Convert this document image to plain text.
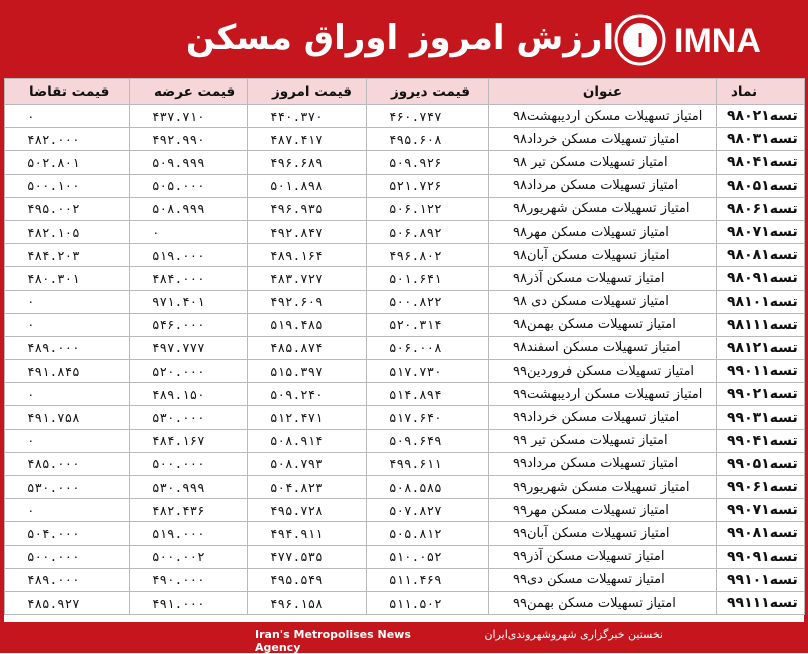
ارزش امروز اوراق مسکن I IMNA
نماد	عنوان	قیمت دیروز	قیمت امروز	قیمت عرضه	قیمت تقاضا
تسه۹۸۰۲۱	امتیاز تسهیلات مسکن اردیبهشت۹۸	۴۶۰.۷۴۷	۴۴۰.۳۷۰	۴۳۷.۷۱۰	۰
تسه۹۸۰۳۱	امتیاز تسهیلات مسکن خرداد۹۸	۴۹۵.۶۰۸	۴۸۷.۴۱۷	۴۹۲.۹۹۰	۴۸۲.۰۰۰
تسه۹۸۰۴۱	امتیاز تسهیلات مسکن تیر ۹۸	۵۰۹.۹۲۶	۴۹۶.۶۸۹	۵۰۹.۹۹۹	۵۰۲.۸۰۱
تسه۹۸۰۵۱	امتیاز تسهیلات مسکن مرداد۹۸	۵۲۱.۷۲۶	۵۰۱.۸۹۸	۵۰۵.۰۰۰	۵۰۰.۱۰۰
تسه۹۸۰۶۱	امتیاز تسهیلات مسکن شهریور۹۸	۵۰۶.۱۲۲	۴۹۶.۹۳۵	۵۰۸.۹۹۹	۴۹۵.۰۰۲
تسه۹۸۰۷۱	امتیاز تسهیلات مسکن مهر۹۸	۵۰۶.۸۹۲	۴۹۲.۸۴۷	۰	۴۸۲.۱۰۵
تسه۹۸۰۸۱	امتیاز تسهیلات مسکن آبان۹۸	۴۹۶.۸۰۲	۴۸۹.۱۶۴	۵۱۹.۰۰۰	۴۸۴.۲۰۳
تسه۹۸۰۹۱	امتیاز تسهیلات مسکن آذر۹۸	۵۰۱.۶۴۱	۴۸۳.۷۲۷	۴۸۴.۰۰۰	۴۸۰.۳۰۱
تسه۹۸۱۰۱	امتیاز تسهیلات مسکن دی ۹۸	۵۰۰.۸۲۲	۴۹۲.۶۰۹	۹۷۱.۴۰۱	۰
تسه۹۸۱۱۱	امتیاز تسهیلات مسکن بهمن۹۸	۵۲۰.۳۱۴	۵۱۹.۴۸۵	۵۴۶.۰۰۰	۰
تسه۹۸۱۲۱	امتیاز تسهیلات مسکن اسفند۹۸	۵۰۶.۰۰۸	۴۸۵.۸۷۴	۴۹۷.۷۷۷	۴۸۹.۰۰۰
تسه۹۹۰۱۱	امتیاز تسهیلات مسکن فروردین۹۹	۵۱۷.۷۳۰	۵۱۵.۳۹۷	۵۲۰.۰۰۰	۴۹۱.۸۴۵
تسه۹۹۰۲۱	امتیاز تسهیلات مسکن اردیبهشت۹۹	۵۱۴.۸۹۴	۵۰۹.۲۴۰	۴۸۹.۱۵۰	۰
تسه۹۹۰۳۱	امتیاز تسهیلات مسکن خرداد۹۹	۵۱۷.۶۴۰	۵۱۲.۴۷۱	۵۳۰.۰۰۰	۴۹۱.۷۵۸
تسه۹۹۰۴۱	امتیاز تسهیلات مسکن تیر ۹۹	۵۰۹.۶۴۹	۵۰۸.۹۱۴	۴۸۴.۱۶۷	۰
تسه۹۹۰۵۱	امتیاز تسهیلات مسکن مرداد۹۹	۴۹۹.۶۱۱	۵۰۸.۷۹۳	۵۰۰.۰۰۰	۴۸۵.۰۰۰
تسه۹۹۰۶۱	امتیاز تسهیلات مسکن شهریور۹۹	۵۰۸.۵۸۵	۵۰۴.۸۲۳	۵۳۰.۹۹۹	۵۳۰.۰۰۰
تسه۹۹۰۷۱	امتیاز تسهیلات مسکن مهر۹۹	۵۰۷.۸۲۷	۴۹۵.۷۲۸	۴۸۲.۴۳۶	۰
تسه۹۹۰۸۱	امتیاز تسهیلات مسکن آبان۹۹	۵۰۵.۸۱۲	۴۹۴.۹۱۱	۵۱۹.۰۰۰	۵۰۴.۰۰۰
تسه۹۹۰۹۱	امتیاز تسهیلات مسکن آذر۹۹	۵۱۰.۰۵۲	۴۷۷.۵۳۵	۵۰۰.۰۰۲	۵۰۰.۰۰۰
تسه۹۹۱۰۱	امتیاز تسهیلات مسکن دی۹۹	۵۱۱.۴۶۹	۴۹۵.۵۴۹	۴۹۰.۰۰۰	۴۸۹.۰۰۰
تسه۹۹۱۱۱	امتیاز تسهیلات مسکن بهمن۹۹	۵۱۱.۵۰۲	۴۹۶.۱۵۸	۴۹۱.۰۰۰	۴۸۵.۹۲۷
Iran's Metropolises News Agency
نخستین خبرگزاری شهروشهروندی‌ایران
